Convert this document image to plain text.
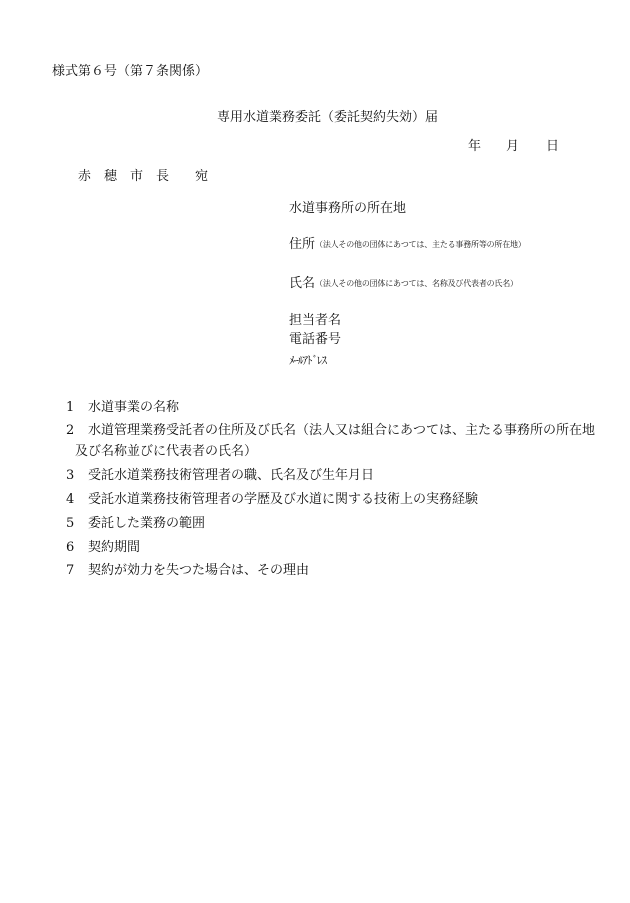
様式第６号（第７条関係）
専用水道業務委託（委託契約失効）届
年 月 日
赤　穂　市　長　　宛
水道事務所の所在地
住所（法人その他の団体にあつては、主たる事務所等の所在地）
氏名（法人その他の団体にあつては、名称及び代表者の氏名）
担当者名
電話番号
ﾒｰﾙｱﾄﾞﾚｽ
1 水道事業の名称
2 水道管理業務受託者の住所及び氏名（法人又は組合にあつては、主たる事務所の所在地
及び名称並びに代表者の氏名）
3 受託水道業務技術管理者の職、氏名及び生年月日
4 受託水道業務技術管理者の学歴及び水道に関する技術上の実務経験
5 委託した業務の範囲
6 契約期間
7 契約が効力を失つた場合は、その理由
